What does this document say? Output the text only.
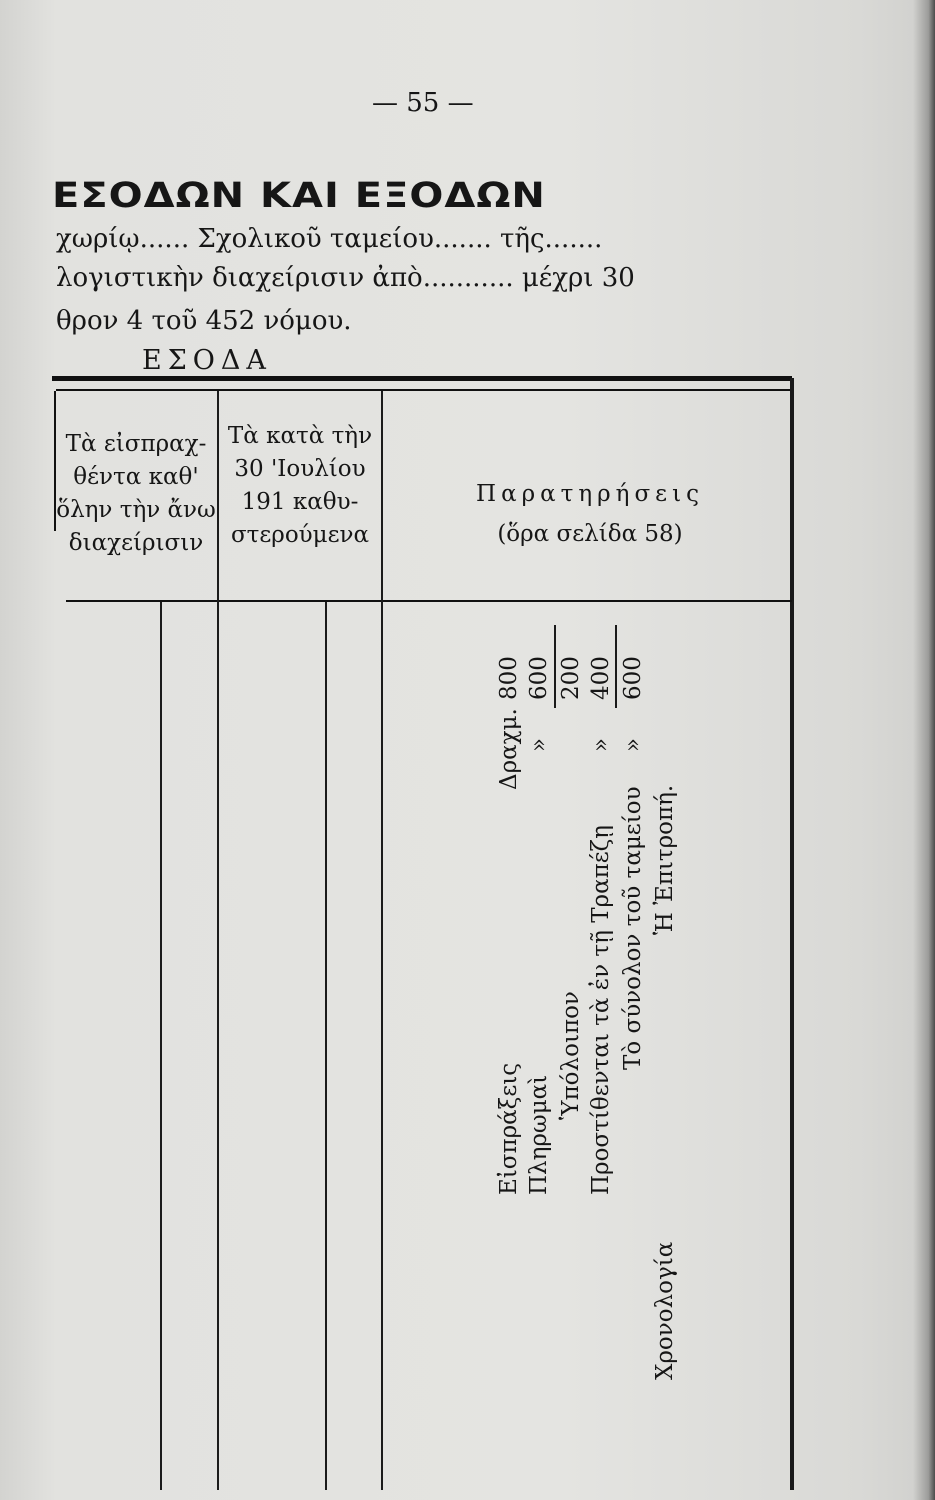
— 55 —
ΕΣΟΔΩΝ ΚΑΙ ΕΞΟΔΩΝ
χωρίῳ...... Σχολικοῦ ταμείου....... τῆς.......
λογιστικὴν διαχείρισιν ἀπὸ........... μέχρι 30
θρον 4 τοῦ 452 νόμου.
ΕΣΟΔΑ
Τὰ εἰσπραχ-
θέντα καθ'
ὅλην τὴν ἄνω
διαχείρισιν
Τὰ κατὰ τὴν
30 'Ιουλίου
191 καθυ-
στερούμενα
Παρατηρήσεις
(ὅρα σελίδα 58)
Εἰσπράξεις Πληρωμαὶ
Ὑπόλοιπον Προστίθενται τὰ ἐν τῇ Τραπέζῃ Τὸ σύνολον τοῦ ταμείου
Χρονολογία
Ἡ Ἐπιτροπή.
Δραχμ. » » »
800 600 200 400 600
